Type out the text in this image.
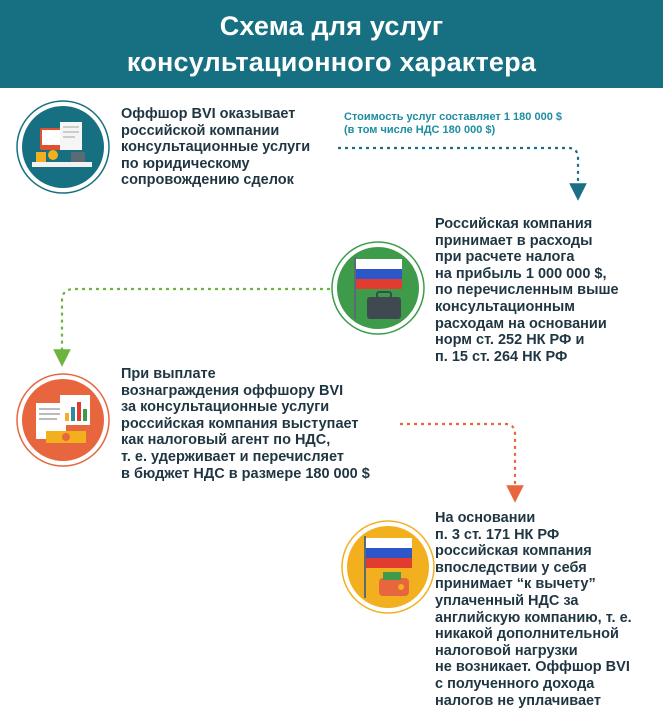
Схема для услуг
консультационного характера
Оффшор BVI оказывает
российской компании
консультационные услуги
по юридическому
сопровождению сделок
Стоимость услуг составляет 1 180 000 $
(в том числе НДС 180 000 $)
Российская компания
принимает в расходы
при расчете налога
на прибыль 1 000 000 $,
по перечисленным выше
консультационным
расходам на основании
норм ст. 252 НК РФ и
п. 15 ст. 264 НК РФ
При выплате
вознаграждения оффшору BVI
за консультационные услуги
российская компания выступает
как налоговый агент по НДС,
т. е. удерживает и перечисляет
в бюджет НДС в размере 180 000 $
На основании
п. 3 ст. 171 НК РФ
российская компания
впоследствии у себя
принимает “к вычету”
уплаченный НДС за
английскую компанию, т. е.
никакой дополнительной
налоговой нагрузки
не возникает. Оффшор BVI
с полученного дохода
налогов не уплачивает
